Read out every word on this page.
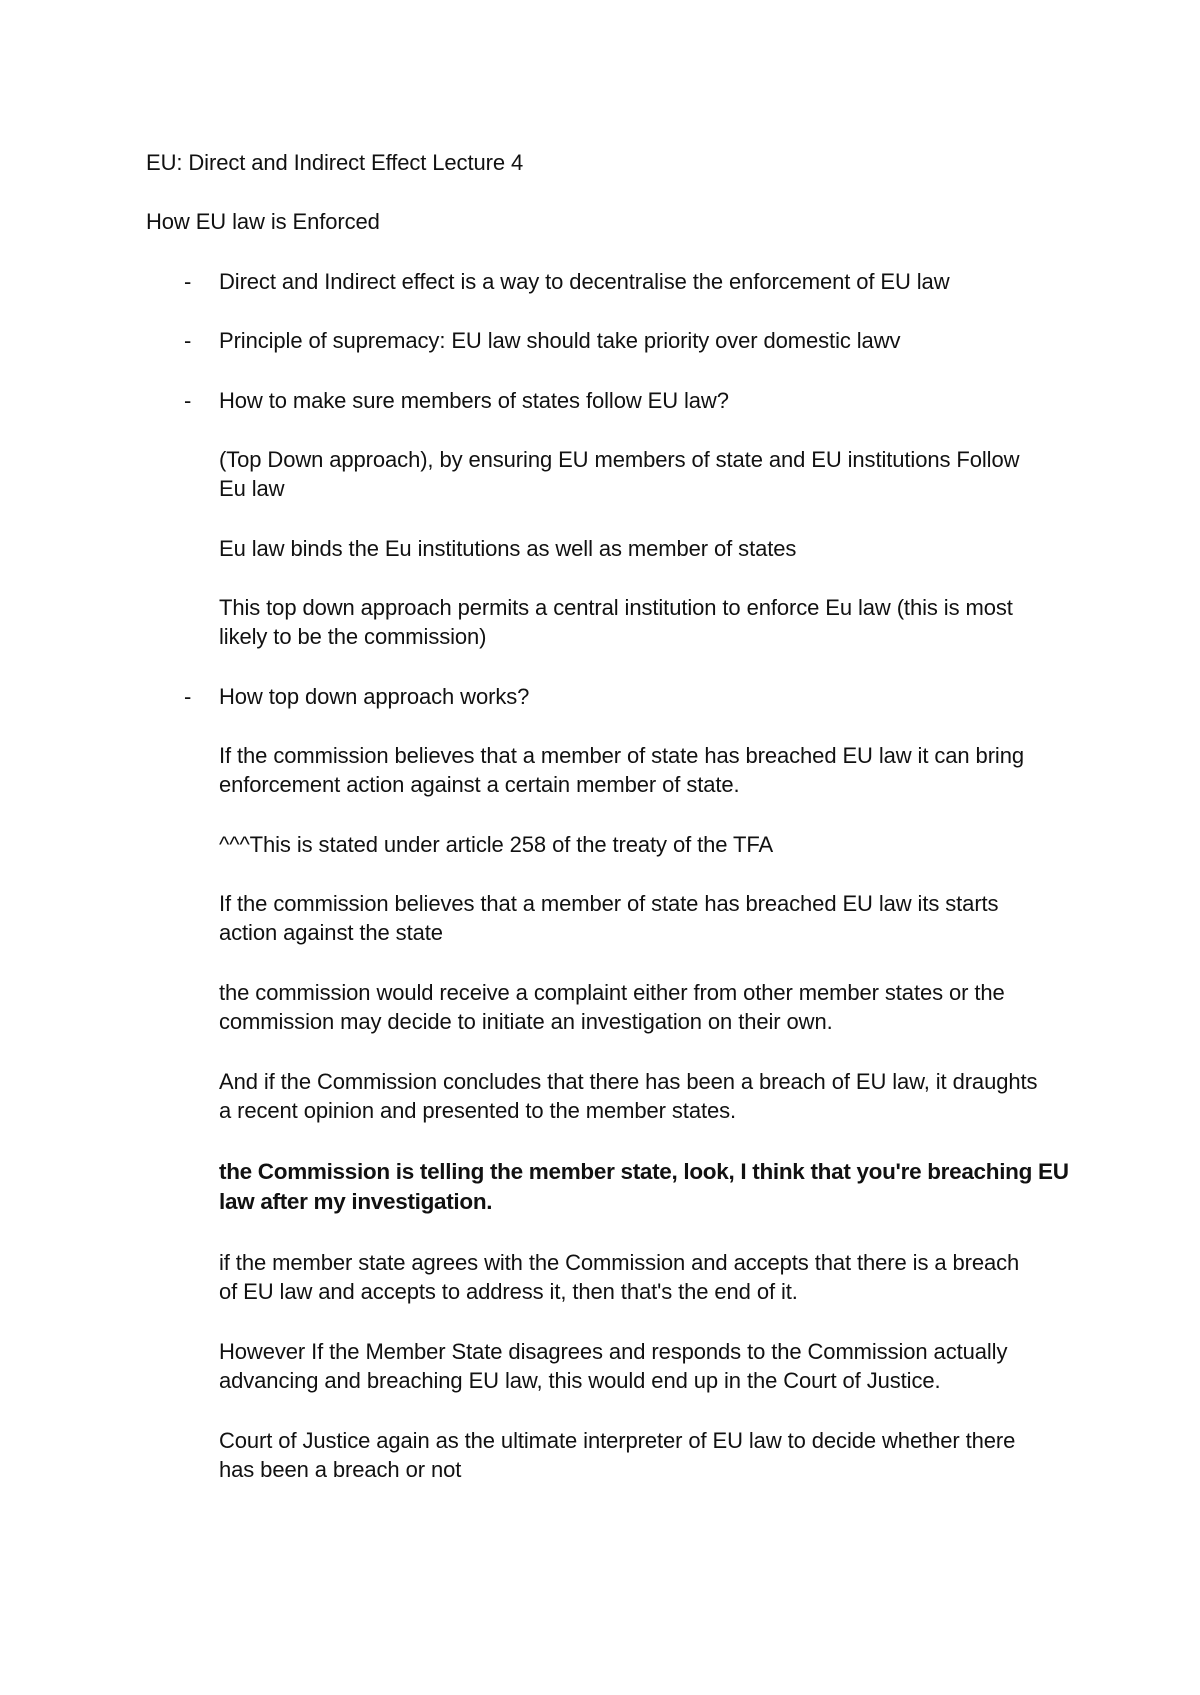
EU: Direct and Indirect Effect Lecture 4
How EU law is Enforced
- Direct and Indirect effect is a way to decentralise the enforcement of EU law
- Principle of supremacy: EU law should take priority over domestic lawv
- How to make sure members of states follow EU law?
(Top Down approach), by ensuring EU members of state and EU institutions Follow
Eu law
Eu law binds the Eu institutions as well as member of states
This top down approach permits a central institution to enforce Eu law (this is most
likely to be the commission)
- How top down approach works?
If the commission believes that a member of state has breached EU law it can bring
enforcement action against a certain member of state.
^^^This is stated under article 258 of the treaty of the TFA
If the commission believes that a member of state has breached EU law its starts
action against the state
the commission would receive a complaint either from other member states or the
commission may decide to initiate an investigation on their own.
And if the Commission concludes that there has been a breach of EU law, it draughts
a recent opinion and presented to the member states.
the Commission is telling the member state, look, I think that you're breaching EU
law after my investigation.
if the member state agrees with the Commission and accepts that there is a breach
of EU law and accepts to address it, then that's the end of it.
However If the Member State disagrees and responds to the Commission actually
advancing and breaching EU law, this would end up in the Court of Justice.
Court of Justice again as the ultimate interpreter of EU law to decide whether there
has been a breach or not
